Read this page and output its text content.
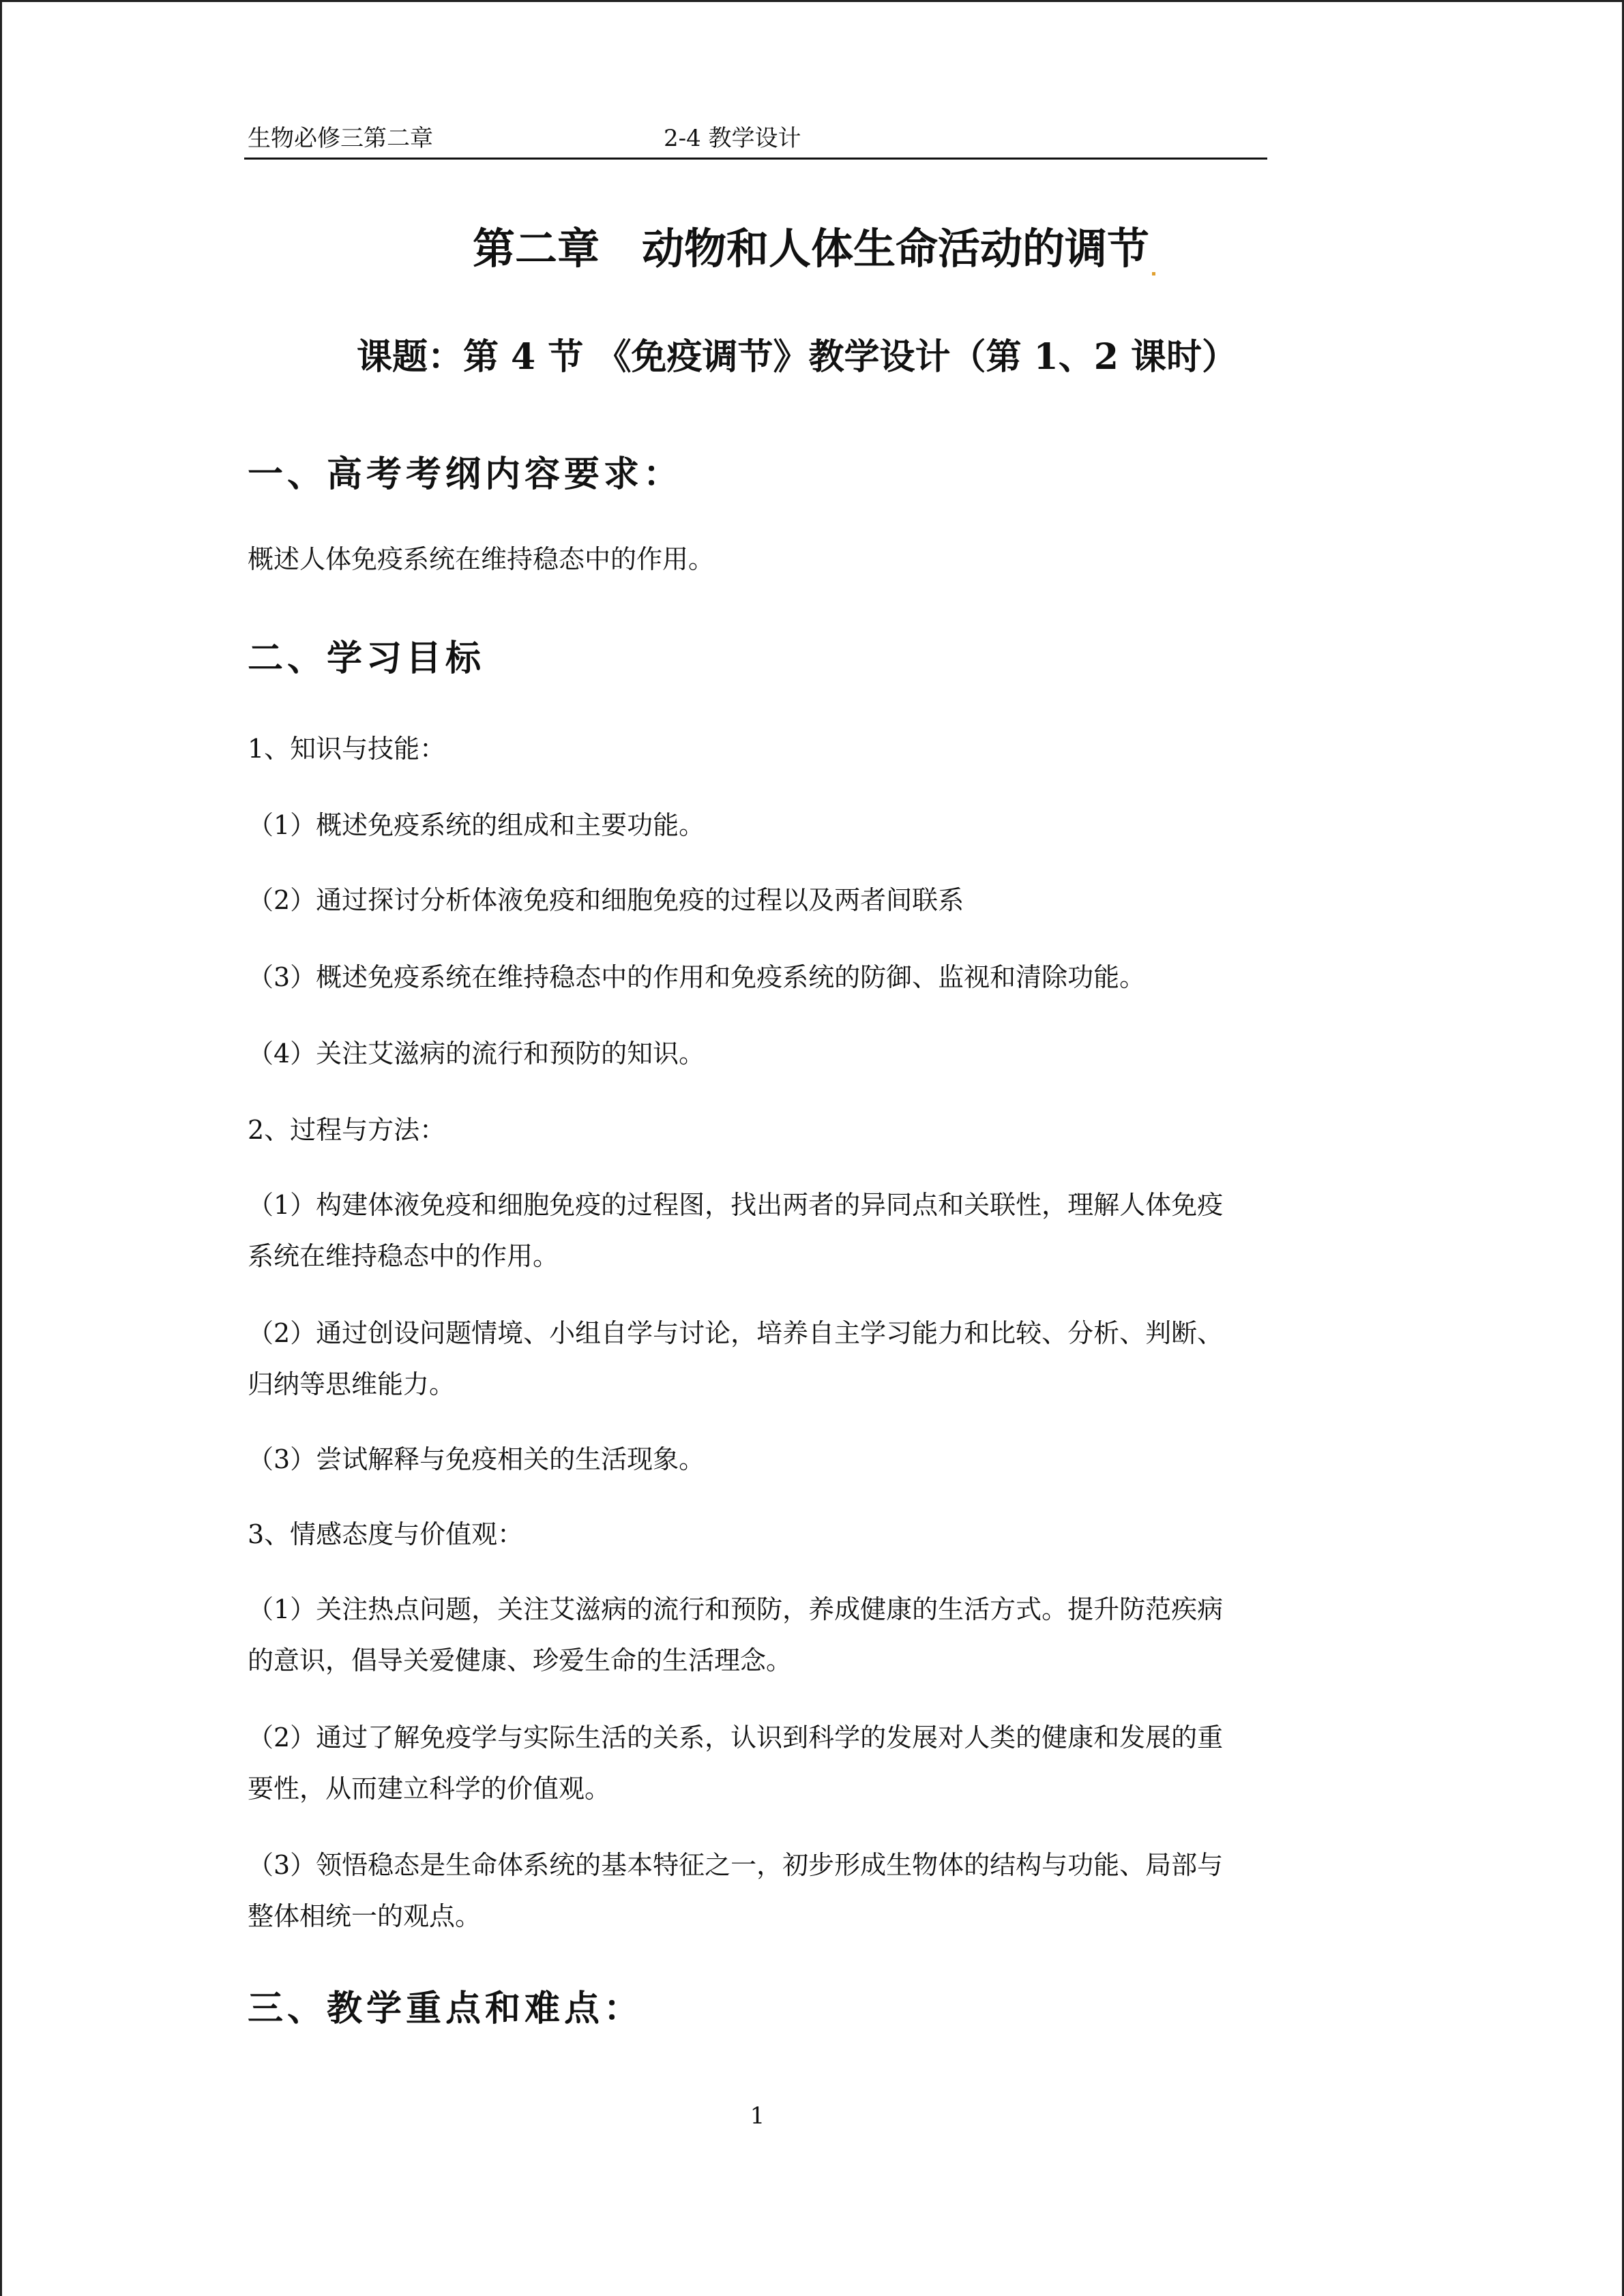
生物必修三第二章	2-4 教学设计
第二章　动物和人体生命活动的调节
课题：第 4 节 《免疫调节》教学设计（第 1、2 课时）
一、高考考纲内容要求：
概述人体免疫系统在维持稳态中的作用。
二、学习目标
1、知识与技能：
（1）概述免疫系统的组成和主要功能。
（2）通过探讨分析体液免疫和细胞免疫的过程以及两者间联系
（3）概述免疫系统在维持稳态中的作用和免疫系统的防御、监视和清除功能。
（4）关注艾滋病的流行和预防的知识。
2、过程与方法：
（1）构建体液免疫和细胞免疫的过程图，找出两者的异同点和关联性，理解人体免疫系统在维持稳态中的作用。
（2）通过创设问题情境、小组自学与讨论，培养自主学习能力和比较、分析、判断、归纳等思维能力。
（3）尝试解释与免疫相关的生活现象。
3、情感态度与价值观：
（1）关注热点问题，关注艾滋病的流行和预防，养成健康的生活方式。提升防范疾病的意识，倡导关爱健康、珍爱生命的生活理念。
（2）通过了解免疫学与实际生活的关系，认识到科学的发展对人类的健康和发展的重要性，从而建立科学的价值观。
（3）领悟稳态是生命体系统的基本特征之一，初步形成生物体的结构与功能、局部与整体相统一的观点。
三、教学重点和难点：
1
